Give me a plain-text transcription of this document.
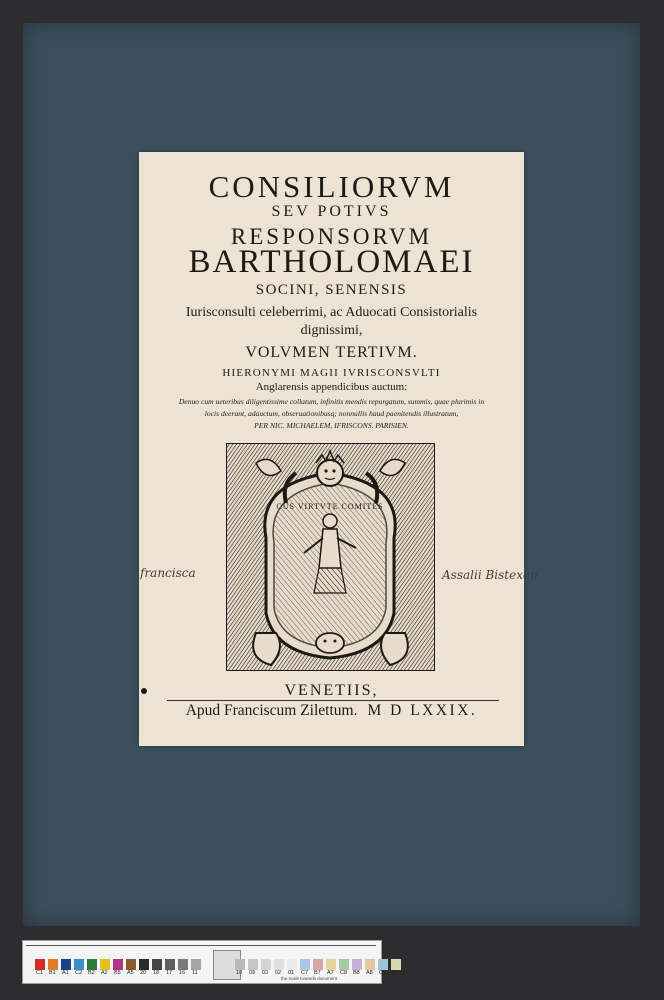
CONSILIORVM
SEV POTIVS
RESPONSORVM
BARTHOLOMAEI
SOCINI, SENENSIS
Iurisconsulti celeberrimi, ac Aduocati Consistorialis
dignissimi,
VOLVMEN TERTIVM.
HIERONYMI MAGII IVRISCONSVLTI
Anglarensis appendicibus auctum:
Denuo cum ueteribus diligentissime collatum, infinitis mendis repurgatum, summis, quae plurimis in
locis deerant, adauctum, obseruationibusq; nonnullis haud paenitendis illustratum,
PER NIC. MICHAELEM, IFRISCONS. PARISIEN.
CUS VIRTVTE COMITES
VENETIIS,
Apud Franciscum Zilettum. M D LXXIX.
francisca	Assalii Bistexen
C1 B1 A1 C2 B2 A2 B5 A5 20 18 17 16 11	10 09 03 02 01 C7 B7 A7 C8 B8 A8 C9 B9
the scale towards document
